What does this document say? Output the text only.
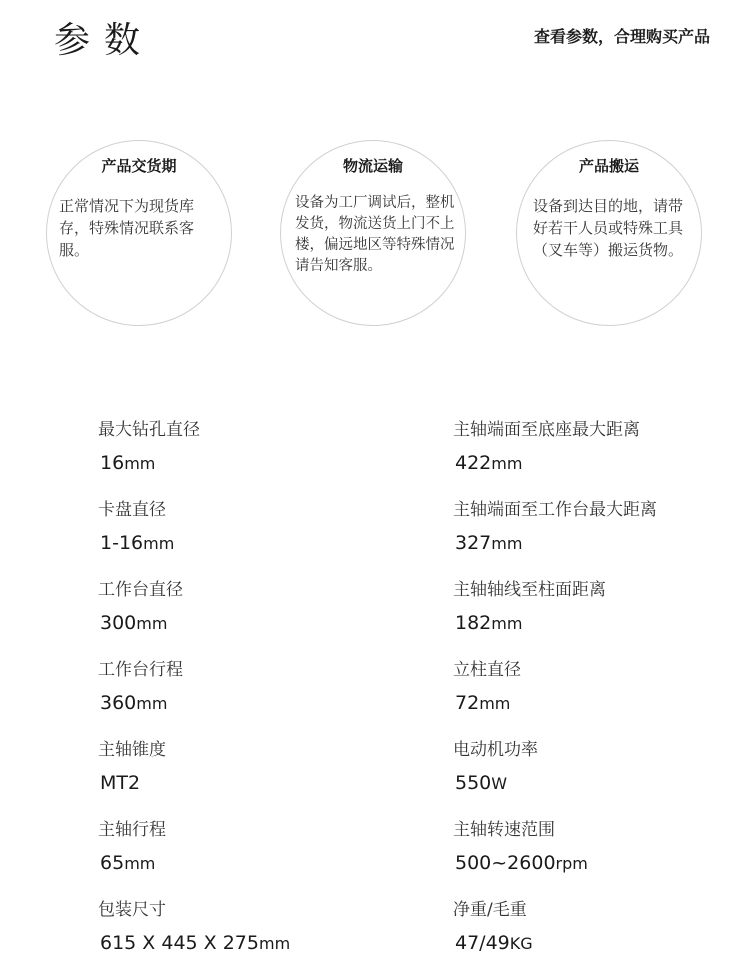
参数	查看参数，合理购买产品
产品交货期
正常情况下为现货库存，特殊情况联系客服。
物流运输
设备为工厂调试后，整机发货，物流送货上门不上楼，偏远地区等特殊情况请告知客服。
产品搬运
设备到达目的地，请带好若干人员或特殊工具（叉车等）搬运货物。
最大钻孔直径
16mm
主轴端面至底座最大距离
422mm
卡盘直径
1-16mm
主轴端面至工作台最大距离
327mm
工作台直径
300mm
主轴轴线至柱面距离
182mm
工作台行程
360mm
立柱直径
72mm
主轴锥度
MT2
电动机功率
550W
主轴行程
65mm
主轴转速范围
500~2600rpm
包装尺寸
615 X 445 X 275mm
净重/毛重
47/49KG
